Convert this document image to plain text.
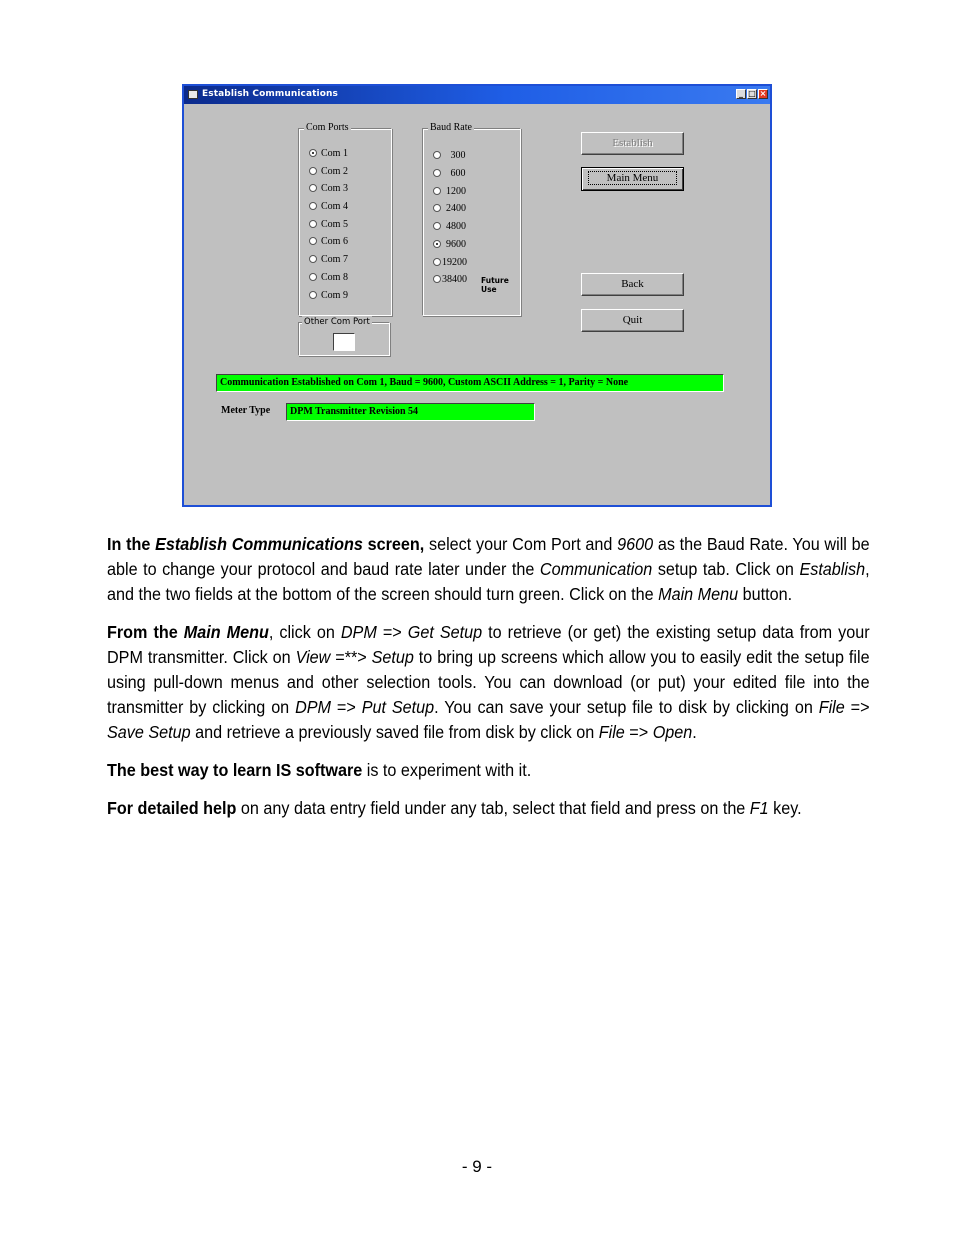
Establish Communications	_ □ ×
Com Ports
Com 1
Com 2
Com 3
Com 4
Com 5
Com 6
Com 7
Com 8
Com 9
Other Com Port
Baud Rate
300
600
1200
2400
4800
9600
19200
38400 Future Use
Establish
Main Menu
Back
Quit
Communication Established on Com 1, Baud = 9600, Custom ASCII Address = 1, Parity = None
Meter Type	DPM Transmitter Revision 54

In the Establish Communications screen, select your Com Port and 9600 as the Baud Rate. You will be able to change your protocol and baud rate later under the Communication setup tab. Click on Establish, and the two fields at the bottom of the screen should turn green. Click on the Main Menu button.

From the Main Menu, click on DPM => Get Setup to retrieve (or get) the existing setup data from your DPM transmitter. Click on View =**> Setup to bring up screens which allow you to easily edit the setup file using pull-down menus and other selection tools. You can download (or put) your edited file into the transmitter by clicking on DPM => Put Setup. You can save your setup file to disk by clicking on File => Save Setup and retrieve a previously saved file from disk by click on File => Open.

The best way to learn IS software is to experiment with it.

For detailed help on any data entry field under any tab, select that field and press on the F1 key.

- 9 -
